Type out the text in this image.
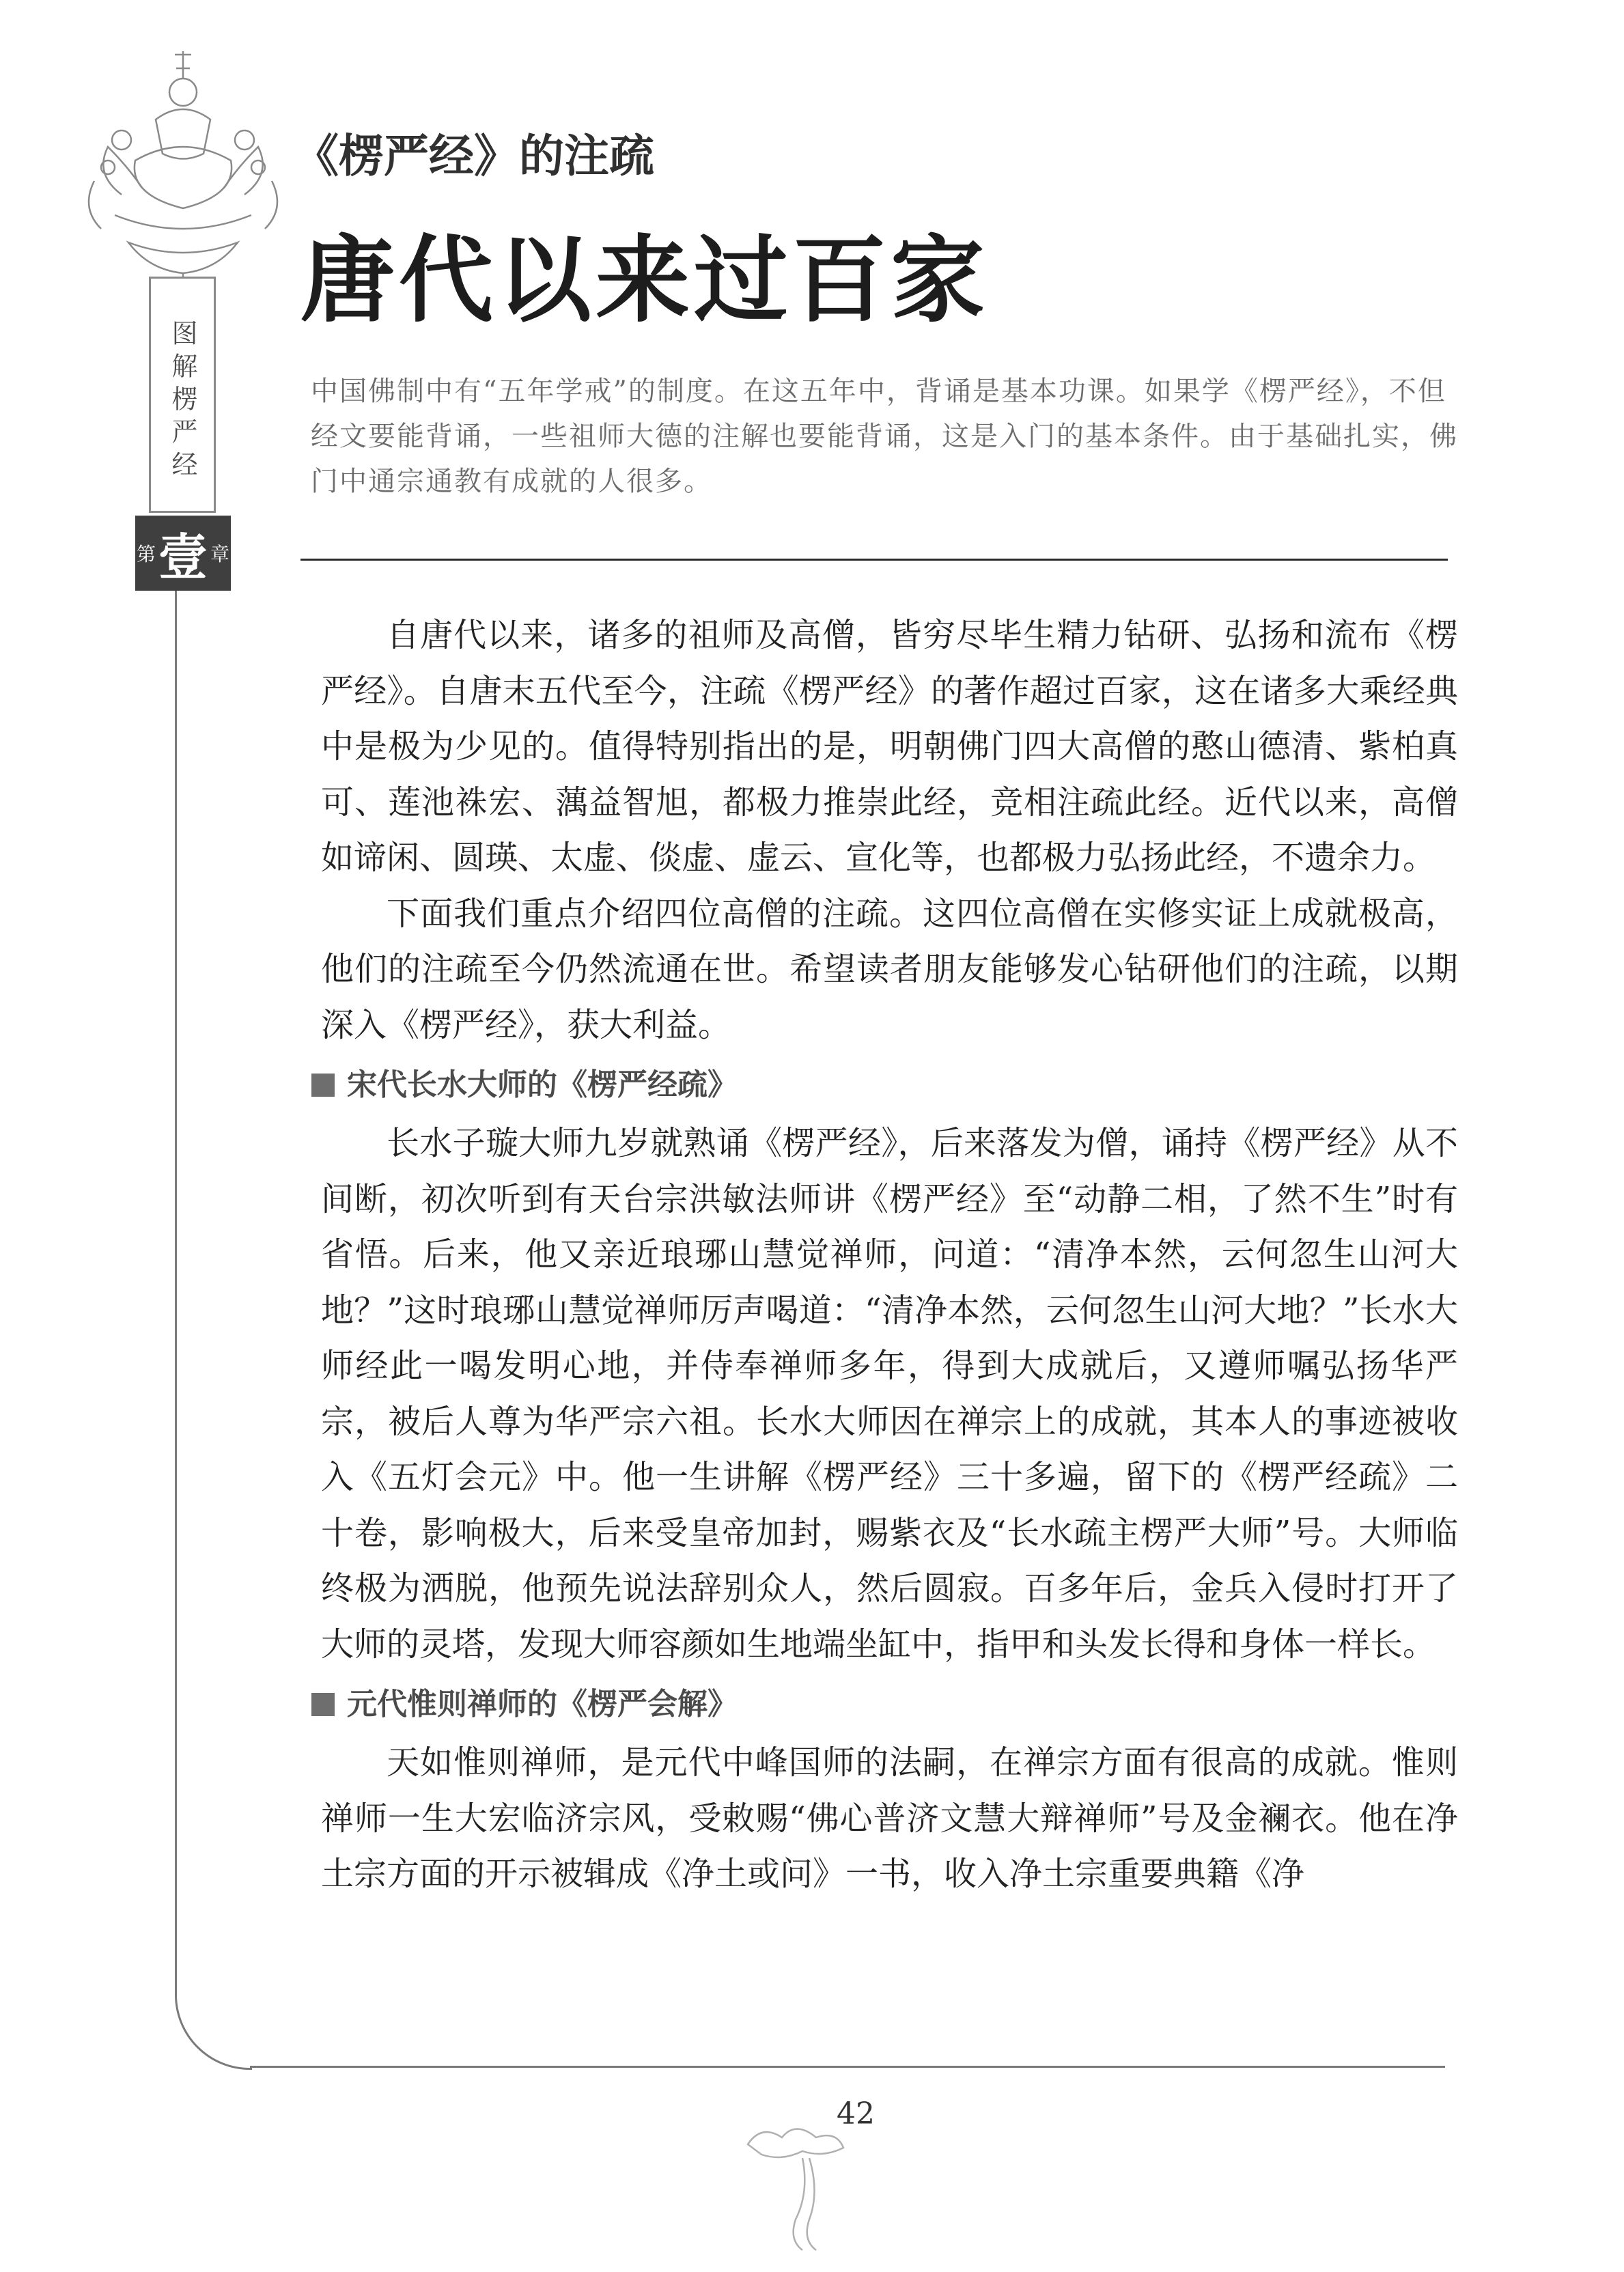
图解楞严经
第 壹 章
《楞严经》的注疏
唐代以来过百家

中国佛制中有“五年学戒”的制度。在这五年中，背诵是基本功课。如果学《楞严经》，不但经文要能背诵，一些祖师大德的注解也要能背诵，这是入门的基本条件。由于基础扎实，佛门中通宗通教有成就的人很多。

自唐代以来，诸多的祖师及高僧，皆穷尽毕生精力钻研、弘扬和流布《楞严经》。自唐末五代至今，注疏《楞严经》的著作超过百家，这在诸多大乘经典中是极为少见的。值得特别指出的是，明朝佛门四大高僧的憨山德清、紫柏真可、莲池袾宏、蕅益智旭，都极力推崇此经，竞相注疏此经。近代以来，高僧如谛闲、圆瑛、太虚、倓虚、虚云、宣化等，也都极力弘扬此经，不遗余力。

下面我们重点介绍四位高僧的注疏。这四位高僧在实修实证上成就极高，他们的注疏至今仍然流通在世。希望读者朋友能够发心钻研他们的注疏，以期深入《楞严经》，获大利益。

宋代长水大师的《楞严经疏》

长水子璇大师九岁就熟诵《楞严经》，后来落发为僧，诵持《楞严经》从不间断，初次听到有天台宗洪敏法师讲《楞严经》至“动静二相，了然不生”时有省悟。后来，他又亲近琅琊山慧觉禅师，问道：“清净本然，云何忽生山河大地？”这时琅琊山慧觉禅师厉声喝道：“清净本然，云何忽生山河大地？”长水大师经此一喝发明心地，并侍奉禅师多年，得到大成就后，又遵师嘱弘扬华严宗，被后人尊为华严宗六祖。长水大师因在禅宗上的成就，其本人的事迹被收入《五灯会元》中。他一生讲解《楞严经》三十多遍，留下的《楞严经疏》二十卷，影响极大，后来受皇帝加封，赐紫衣及“长水疏主楞严大师”号。大师临终极为洒脱，他预先说法辞别众人，然后圆寂。百多年后，金兵入侵时打开了大师的灵塔，发现大师容颜如生地端坐缸中，指甲和头发长得和身体一样长。

元代惟则禅师的《楞严会解》

天如惟则禅师，是元代中峰国师的法嗣，在禅宗方面有很高的成就。惟则禅师一生大宏临济宗风，受敕赐“佛心普济文慧大辩禅师”号及金襕衣。他在净土宗方面的开示被辑成《净土或问》一书，收入净土宗重要典籍《净

42
